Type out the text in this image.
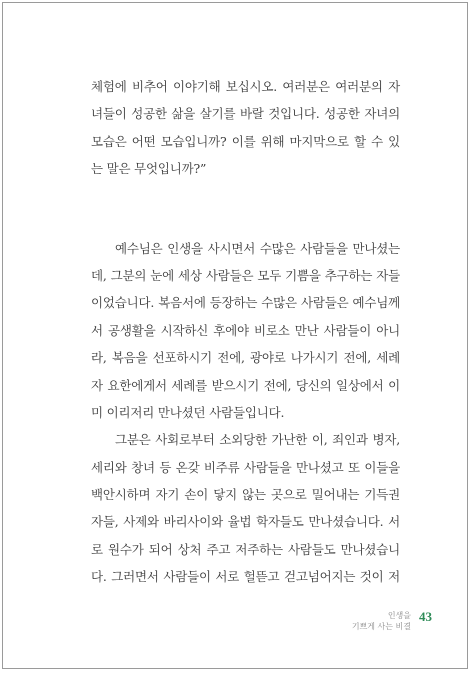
체험에 비추어 이야기해 보십시오. 여러분은 여러분의 자
녀들이 성공한 삶을 살기를 바랄 것입니다. 성공한 자녀의
모습은 어떤 모습입니까? 이를 위해 마지막으로 할 수 있
는 말은 무엇입니까?”
예수님은 인생을 사시면서 수많은 사람들을 만나셨는
데, 그분의 눈에 세상 사람들은 모두 기쁨을 추구하는 자들
이었습니다. 복음서에 등장하는 수많은 사람들은 예수님께
서 공생활을 시작하신 후에야 비로소 만난 사람들이 아니
라, 복음을 선포하시기 전에, 광야로 나가시기 전에, 세례
자 요한에게서 세례를 받으시기 전에, 당신의 일상에서 이
미 이리저리 만나셨던 사람들입니다.
그분은 사회로부터 소외당한 가난한 이, 죄인과 병자,
세리와 창녀 등 온갖 비주류 사람들을 만나셨고 또 이들을
백안시하며 자기 손이 닿지 않는 곳으로 밀어내는 기득권
자들, 사제와 바리사이와 율법 학자들도 만나셨습니다. 서
로 원수가 되어 상처 주고 저주하는 사람들도 만나셨습니
다. 그러면서 사람들이 서로 헐뜯고 걷고넘어지는 것이 저
인생을
기쁘게 사는 비결
43
